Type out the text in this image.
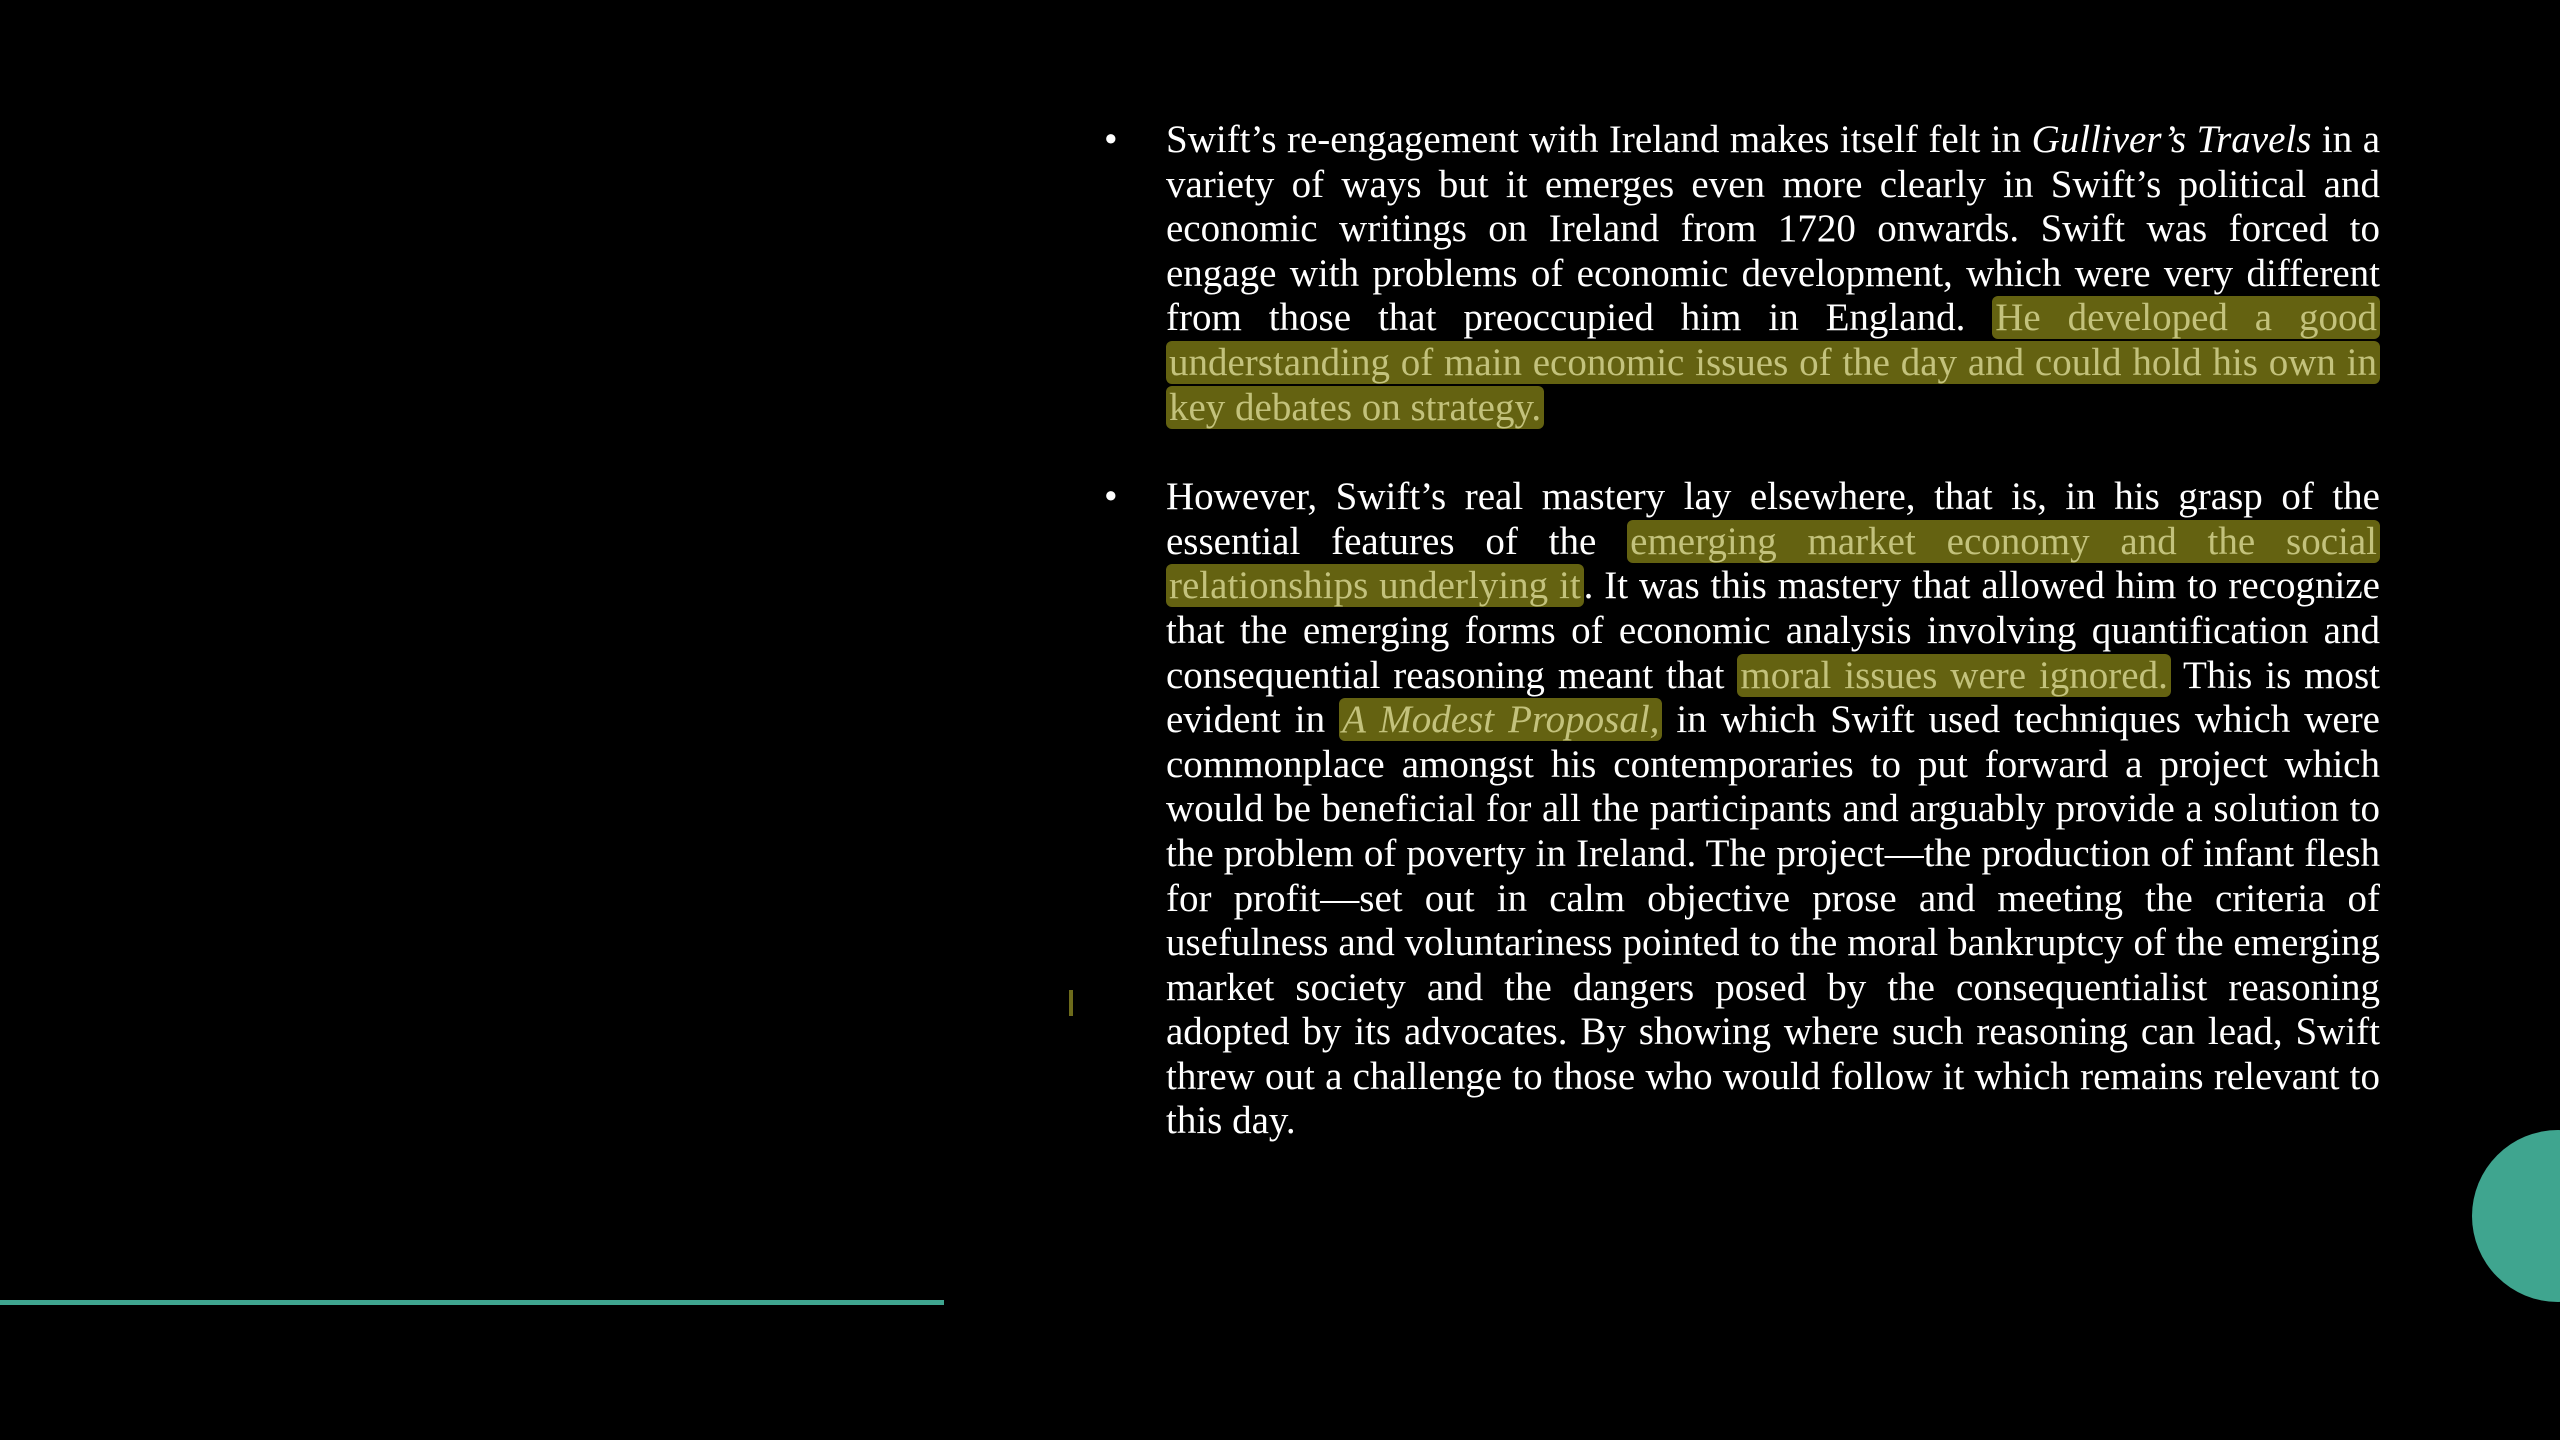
• Swift’s re-engagement with Ireland makes itself felt in Gulliver’s Travels in a variety of ways but it emerges even more clearly in Swift’s political and economic writings on Ireland from 1720 onwards. Swift was forced to engage with problems of economic development, which were very different from those that preoccupied him in England. He developed a good understanding of main economic issues of the day and could hold his own in key debates on strategy.
• However, Swift’s real mastery lay elsewhere, that is, in his grasp of the essential features of the emerging market economy and the social relationships underlying it. It was this mastery that allowed him to recognize that the emerging forms of economic analysis involving quantification and consequential reasoning meant that moral issues were ignored. This is most evident in A Modest Proposal, in which Swift used techniques which were commonplace amongst his contemporaries to put forward a project which would be beneficial for all the participants and arguably provide a solution to the problem of poverty in Ireland. The project—the production of infant flesh for profit—set out in calm objective prose and meeting the criteria of usefulness and voluntariness pointed to the moral bankruptcy of the emerging market society and the dangers posed by the consequentialist reasoning adopted by its advocates. By showing where such reasoning can lead, Swift threw out a challenge to those who would follow it which remains relevant to this day.
